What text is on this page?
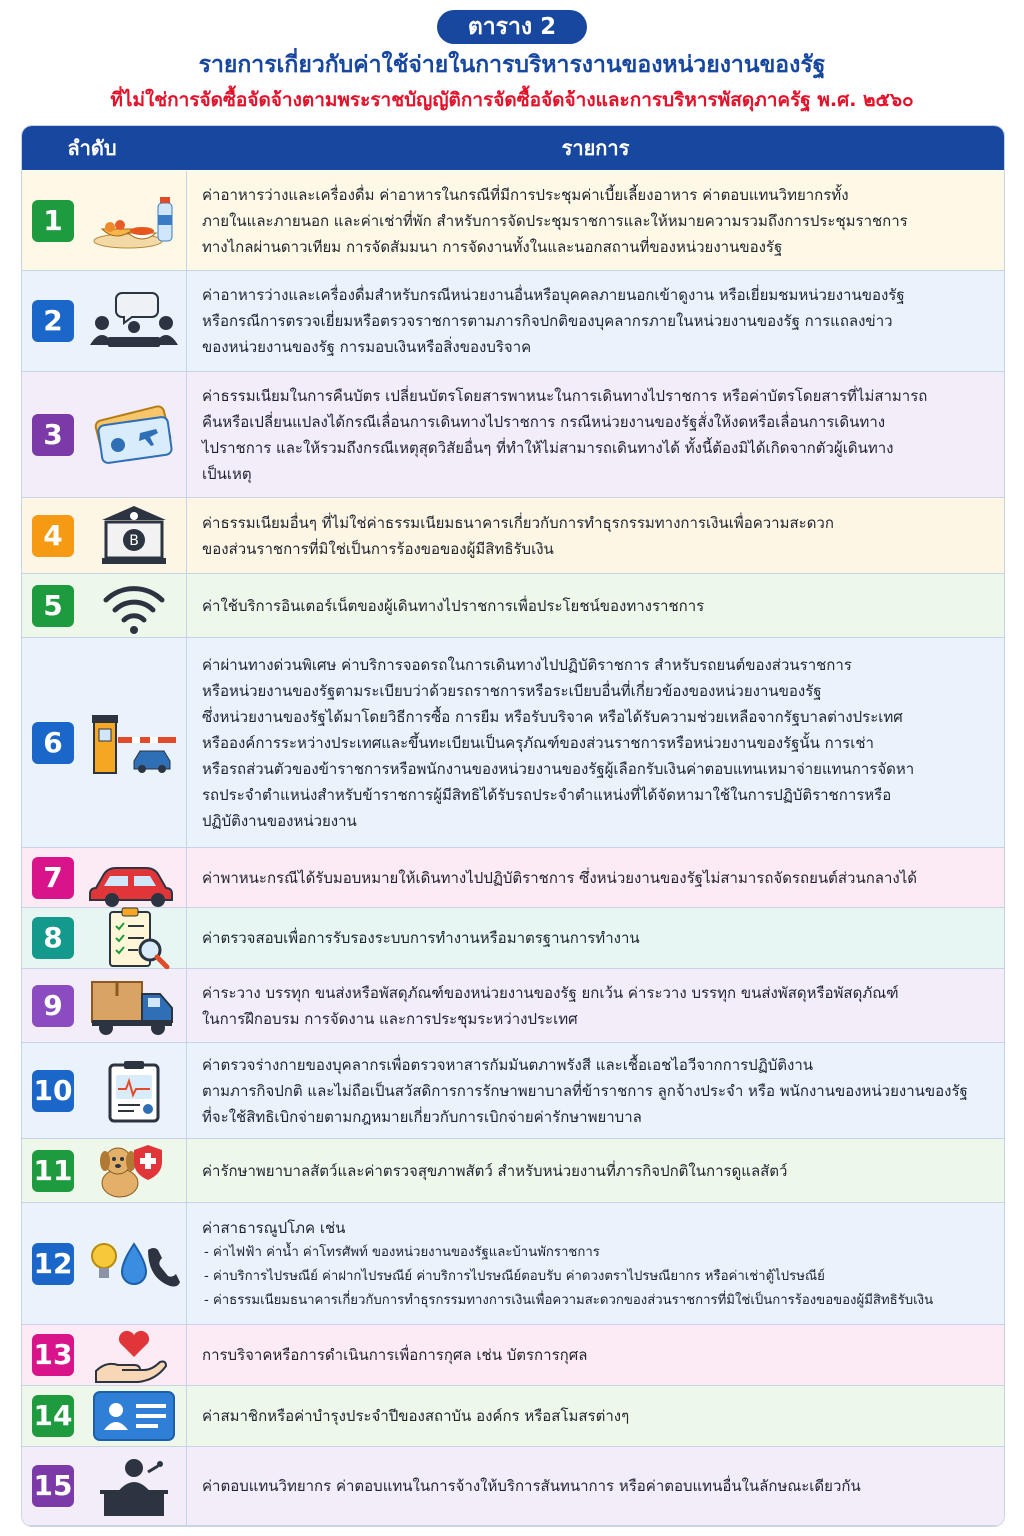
ตาราง 2
รายการเกี่ยวกับค่าใช้จ่ายในการบริหารงานของหน่วยงานของรัฐ
ที่ไม่ใช่การจัดซื้อจัดจ้างตามพระราชบัญญัติการจัดซื้อจัดจ้างและการบริหารพัสดุภาครัฐ พ.ศ. ๒๕๖๐
ลำดับ	รายการ
1
ค่าอาหารว่างและเครื่องดื่ม ค่าอาหารในกรณีที่มีการประชุมค่าเบี้ยเลี้ยงอาหาร ค่าตอบแทนวิทยากรทั้ง
ภายในและภายนอก และค่าเช่าที่พัก สำหรับการจัดประชุมราชการและให้หมายความรวมถึงการประชุมราชการ
ทางไกลผ่านดาวเทียม การจัดสัมมนา การจัดงานทั้งในและนอกสถานที่ของหน่วยงานของรัฐ
2
ค่าอาหารว่างและเครื่องดื่มสำหรับกรณีหน่วยงานอื่นหรือบุคคลภายนอกเข้าดูงาน หรือเยี่ยมชมหน่วยงานของรัฐ
หรือกรณีการตรวจเยี่ยมหรือตรวจราชการตามภารกิจปกติของบุคลากรภายในหน่วยงานของรัฐ การแถลงข่าว
ของหน่วยงานของรัฐ การมอบเงินหรือสิ่งของบริจาค
3
ค่าธรรมเนียมในการคืนบัตร เปลี่ยนบัตรโดยสารพาหนะในการเดินทางไปราชการ หรือค่าบัตรโดยสารที่ไม่สามารถ
คืนหรือเปลี่ยนแปลงได้กรณีเลื่อนการเดินทางไปราชการ กรณีหน่วยงานของรัฐสั่งให้งดหรือเลื่อนการเดินทาง
ไปราชการ และให้รวมถึงกรณีเหตุสุดวิสัยอื่นๆ ที่ทำให้ไม่สามารถเดินทางได้ ทั้งนี้ต้องมิได้เกิดจากตัวผู้เดินทาง
เป็นเหตุ
4	B
ค่าธรรมเนียมอื่นๆ ที่ไม่ใช่ค่าธรรมเนียมธนาคารเกี่ยวกับการทำธุรกรรมทางการเงินเพื่อความสะดวก
ของส่วนราชการที่มิใช่เป็นการร้องขอของผู้มีสิทธิรับเงิน
5	ค่าใช้บริการอินเตอร์เน็ตของผู้เดินทางไปราชการเพื่อประโยชน์ของทางราชการ
6
ค่าผ่านทางด่วนพิเศษ ค่าบริการจอดรถในการเดินทางไปปฏิบัติราชการ สำหรับรถยนต์ของส่วนราชการ
หรือหน่วยงานของรัฐตามระเบียบว่าด้วยรถราชการหรือระเบียบอื่นที่เกี่ยวข้องของหน่วยงานของรัฐ
ซึ่งหน่วยงานของรัฐได้มาโดยวิธีการซื้อ การยืม หรือรับบริจาค หรือได้รับความช่วยเหลือจากรัฐบาลต่างประเทศ
หรือองค์การระหว่างประเทศและขึ้นทะเบียนเป็นครุภัณฑ์ของส่วนราชการหรือหน่วยงานของรัฐนั้น การเช่า
หรือรถส่วนตัวของข้าราชการหรือพนักงานของหน่วยงานของรัฐผู้เลือกรับเงินค่าตอบแทนเหมาจ่ายแทนการจัดหา
รถประจำตำแหน่งสำหรับข้าราชการผู้มีสิทธิได้รับรถประจำตำแหน่งที่ได้จัดหามาใช้ในการปฏิบัติราชการหรือ
ปฏิบัติงานของหน่วยงาน
7	ค่าพาหนะกรณีได้รับมอบหมายให้เดินทางไปปฏิบัติราชการ ซึ่งหน่วยงานของรัฐไม่สามารถจัดรถยนต์ส่วนกลางได้
8	ค่าตรวจสอบเพื่อการรับรองระบบการทำงานหรือมาตรฐานการทำงาน
9	ค่าระวาง บรรทุก ขนส่งหรือพัสดุภัณฑ์ของหน่วยงานของรัฐ ยกเว้น ค่าระวาง บรรทุก ขนส่งพัสดุหรือพัสดุภัณฑ์
ในการฝึกอบรม การจัดงาน และการประชุมระหว่างประเทศ
10
ค่าตรวจร่างกายของบุคลากรเพื่อตรวจหาสารกัมมันตภาพรังสี และเชื้อเอชไอวีจากการปฏิบัติงาน
ตามภารกิจปกติ และไม่ถือเป็นสวัสดิการการรักษาพยาบาลที่ข้าราชการ ลูกจ้างประจำ หรือ พนักงานของหน่วยงานของรัฐ
ที่จะใช้สิทธิเบิกจ่ายตามกฎหมายเกี่ยวกับการเบิกจ่ายค่ารักษาพยาบาล
11	ค่ารักษาพยาบาลสัตว์และค่าตรวจสุขภาพสัตว์ สำหรับหน่วยงานที่ภารกิจปกติในการดูแลสัตว์
12
ค่าสาธารณูปโภค เช่น
- ค่าไฟฟ้า ค่าน้ำ ค่าโทรศัพท์ ของหน่วยงานของรัฐและบ้านพักราชการ
- ค่าบริการไปรษณีย์ ค่าฝากไปรษณีย์ ค่าบริการไปรษณีย์ตอบรับ ค่าดวงตราไปรษณียากร หรือค่าเช่าตู้ไปรษณีย์
- ค่าธรรมเนียมธนาคารเกี่ยวกับการทำธุรกรรมทางการเงินเพื่อความสะดวกของส่วนราชการที่มิใช่เป็นการร้องขอของผู้มีสิทธิรับเงิน
13	การบริจาคหรือการดำเนินการเพื่อการกุศล เช่น บัตรการกุศล
14	ค่าสมาชิกหรือค่าบำรุงประจำปีของสถาบัน องค์กร หรือสโมสรต่างๆ
15	ค่าตอบแทนวิทยากร ค่าตอบแทนในการจ้างให้บริการสันทนาการ หรือค่าตอบแทนอื่นในลักษณะเดียวกัน
